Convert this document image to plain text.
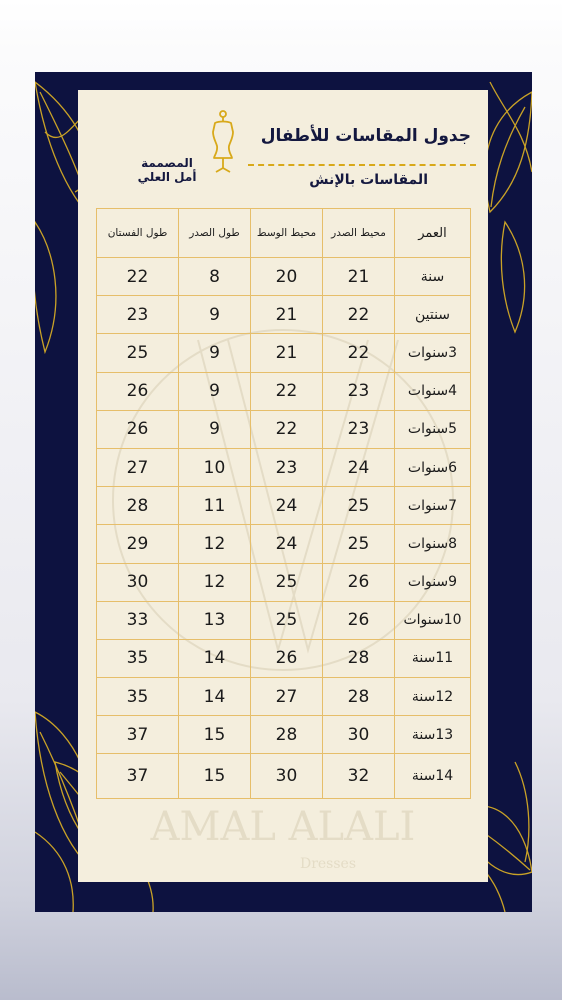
AMAL ALALI
Dresses
جدول المقاسات للأطفال
المقاسات بالإنش
المصممة
أمل العلي
العمر	محيط الصدر	محيط الوسط	طول الصدر	طول الفستان
سنة	21	20	8	22
سنتين	22	21	9	23
3سنوات	22	21	9	25
4سنوات	23	22	9	26
5سنوات	23	22	9	26
6سنوات	24	23	10	27
7سنوات	25	24	11	28
8سنوات	25	24	12	29
9سنوات	26	25	12	30
10سنوات	26	25	13	33
11سنة	28	26	14	35
12سنة	28	27	14	35
13سنة	30	28	15	37
14سنة	32	30	15	37
